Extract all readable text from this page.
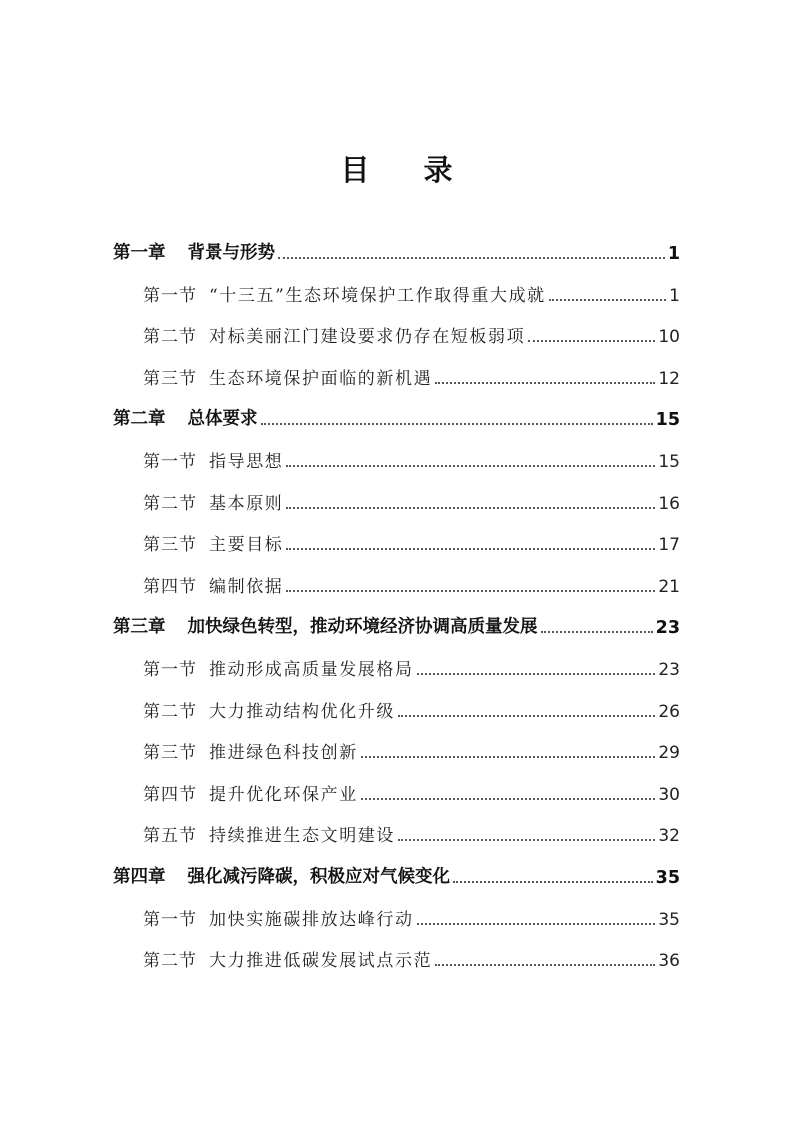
目 录
第一章 背景与形势	1
第一节 “十三五”生态环境保护工作取得重大成就	1
第二节 对标美丽江门建设要求仍存在短板弱项	10
第三节 生态环境保护面临的新机遇	12
第二章 总体要求	15
第一节 指导思想	15
第二节 基本原则	16
第三节 主要目标	17
第四节 编制依据	21
第三章 加快绿色转型，推动环境经济协调高质量发展	23
第一节 推动形成高质量发展格局	23
第二节 大力推动结构优化升级	26
第三节 推进绿色科技创新	29
第四节 提升优化环保产业	30
第五节 持续推进生态文明建设	32
第四章 强化减污降碳，积极应对气候变化	35
第一节 加快实施碳排放达峰行动	35
第二节 大力推进低碳发展试点示范	36
